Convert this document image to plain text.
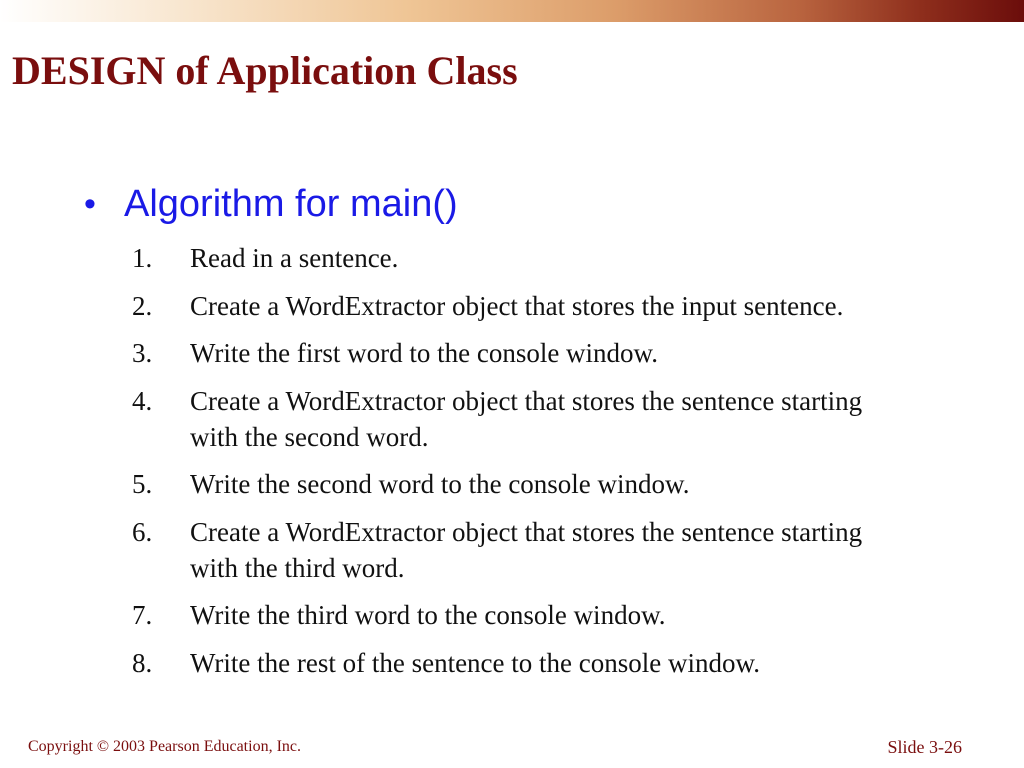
DESIGN of Application Class
• Algorithm for main()
1.	Read in a sentence.
2.	Create a WordExtractor object that stores the input sentence.
3.	Write the first word to the console window.
4.	Create a WordExtractor object that stores the sentence starting with the second word.
5.	Write the second word to the console window.
6.	Create a WordExtractor object that stores the sentence starting with the third word.
7.	Write the third word to the console window.
8.	Write the rest of the sentence to the console window.
Copyright © 2003 Pearson Education, Inc.	Slide 3-26
